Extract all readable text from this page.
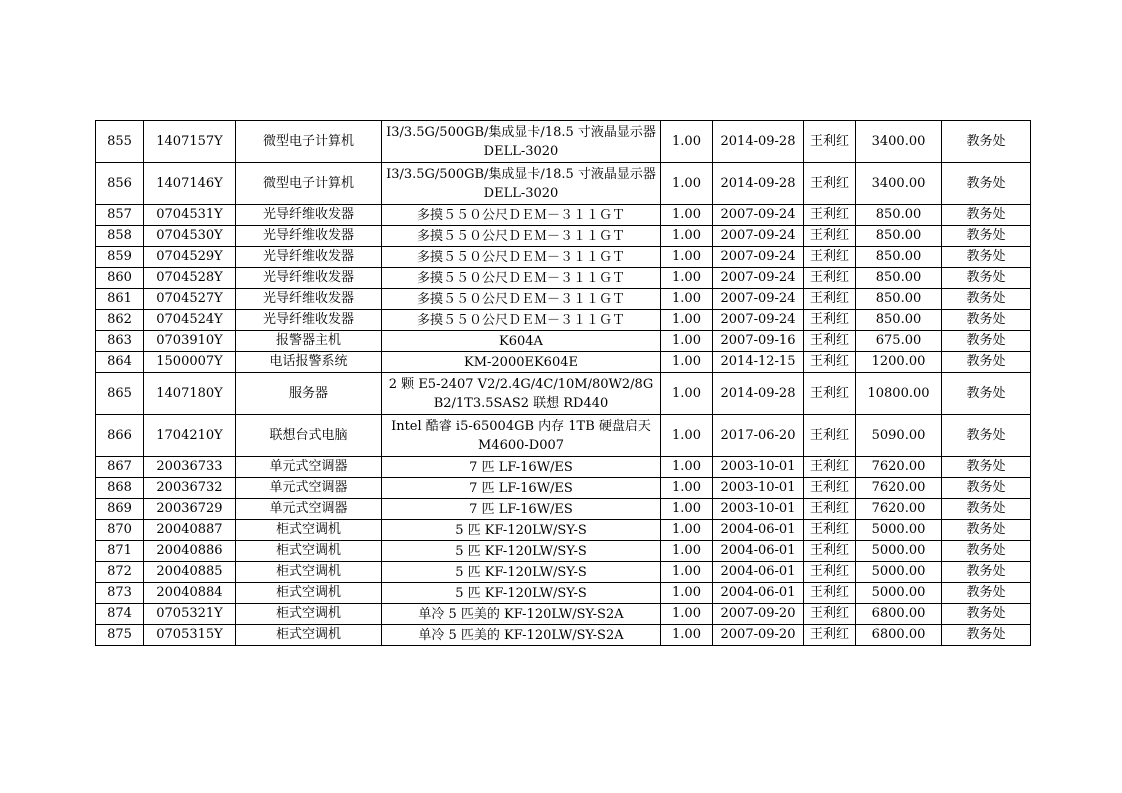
855	1407157Y	微型电子计算机	I3/3.5G/500GB/集成显卡/18.5 寸液晶显示器 DELL-3020	1.00	2014-09-28	王利红	3400.00	教务处
856	1407146Y	微型电子计算机	I3/3.5G/500GB/集成显卡/18.5 寸液晶显示器 DELL-3020	1.00	2014-09-28	王利红	3400.00	教务处
857	0704531Y	光导纤维收发器	多摸５５０公尺ＤＥＭ－３１１ＧＴ	1.00	2007-09-24	王利红	850.00	教务处
858	0704530Y	光导纤维收发器	多摸５５０公尺ＤＥＭ－３１１ＧＴ	1.00	2007-09-24	王利红	850.00	教务处
859	0704529Y	光导纤维收发器	多摸５５０公尺ＤＥＭ－３１１ＧＴ	1.00	2007-09-24	王利红	850.00	教务处
860	0704528Y	光导纤维收发器	多摸５５０公尺ＤＥＭ－３１１ＧＴ	1.00	2007-09-24	王利红	850.00	教务处
861	0704527Y	光导纤维收发器	多摸５５０公尺ＤＥＭ－３１１ＧＴ	1.00	2007-09-24	王利红	850.00	教务处
862	0704524Y	光导纤维收发器	多摸５５０公尺ＤＥＭ－３１１ＧＴ	1.00	2007-09-24	王利红	850.00	教务处
863	0703910Y	报警器主机	K604A	1.00	2007-09-16	王利红	675.00	教务处
864	1500007Y	电话报警系统	KM-2000EK604E	1.00	2014-12-15	王利红	1200.00	教务处
865	1407180Y	服务器	2 颗 E5-2407 V2/2.4G/4C/10M/80W2/8GB2/1T3.5SAS2 联想 RD440	1.00	2014-09-28	王利红	10800.00	教务处
866	1704210Y	联想台式电脑	Intel 酷睿 i5-65004GB 内存 1TB 硬盘启天 M4600-D007	1.00	2017-06-20	王利红	5090.00	教务处
867	20036733	单元式空调器	7 匹 LF-16W/ES	1.00	2003-10-01	王利红	7620.00	教务处
868	20036732	单元式空调器	7 匹 LF-16W/ES	1.00	2003-10-01	王利红	7620.00	教务处
869	20036729	单元式空调器	7 匹 LF-16W/ES	1.00	2003-10-01	王利红	7620.00	教务处
870	20040887	柜式空调机	5 匹 KF-120LW/SY-S	1.00	2004-06-01	王利红	5000.00	教务处
871	20040886	柜式空调机	5 匹 KF-120LW/SY-S	1.00	2004-06-01	王利红	5000.00	教务处
872	20040885	柜式空调机	5 匹 KF-120LW/SY-S	1.00	2004-06-01	王利红	5000.00	教务处
873	20040884	柜式空调机	5 匹 KF-120LW/SY-S	1.00	2004-06-01	王利红	5000.00	教务处
874	0705321Y	柜式空调机	单冷 5 匹美的 KF-120LW/SY-S2A	1.00	2007-09-20	王利红	6800.00	教务处
875	0705315Y	柜式空调机	单冷 5 匹美的 KF-120LW/SY-S2A	1.00	2007-09-20	王利红	6800.00	教务处
